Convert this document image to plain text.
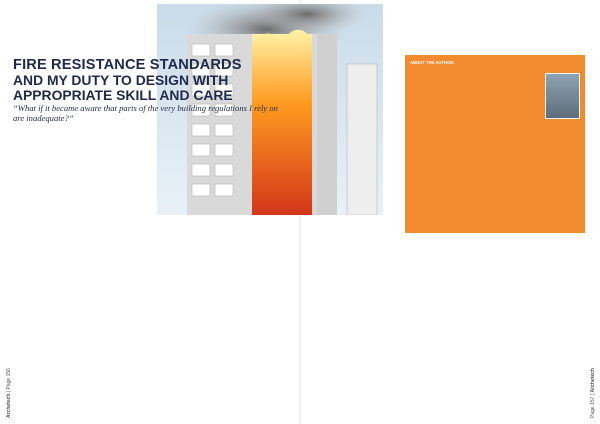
FIRE RESISTANCE STANDARDS
AND MY DUTY TO DESIGN WITH
APPROPRIATE SKILL AND CARE

“What if it became aware that parts of the very building regulations I rely on are inadequate?”

ABOUT THE AUTHOR:

Archetech | Page 156
Page 157 | Archetech
